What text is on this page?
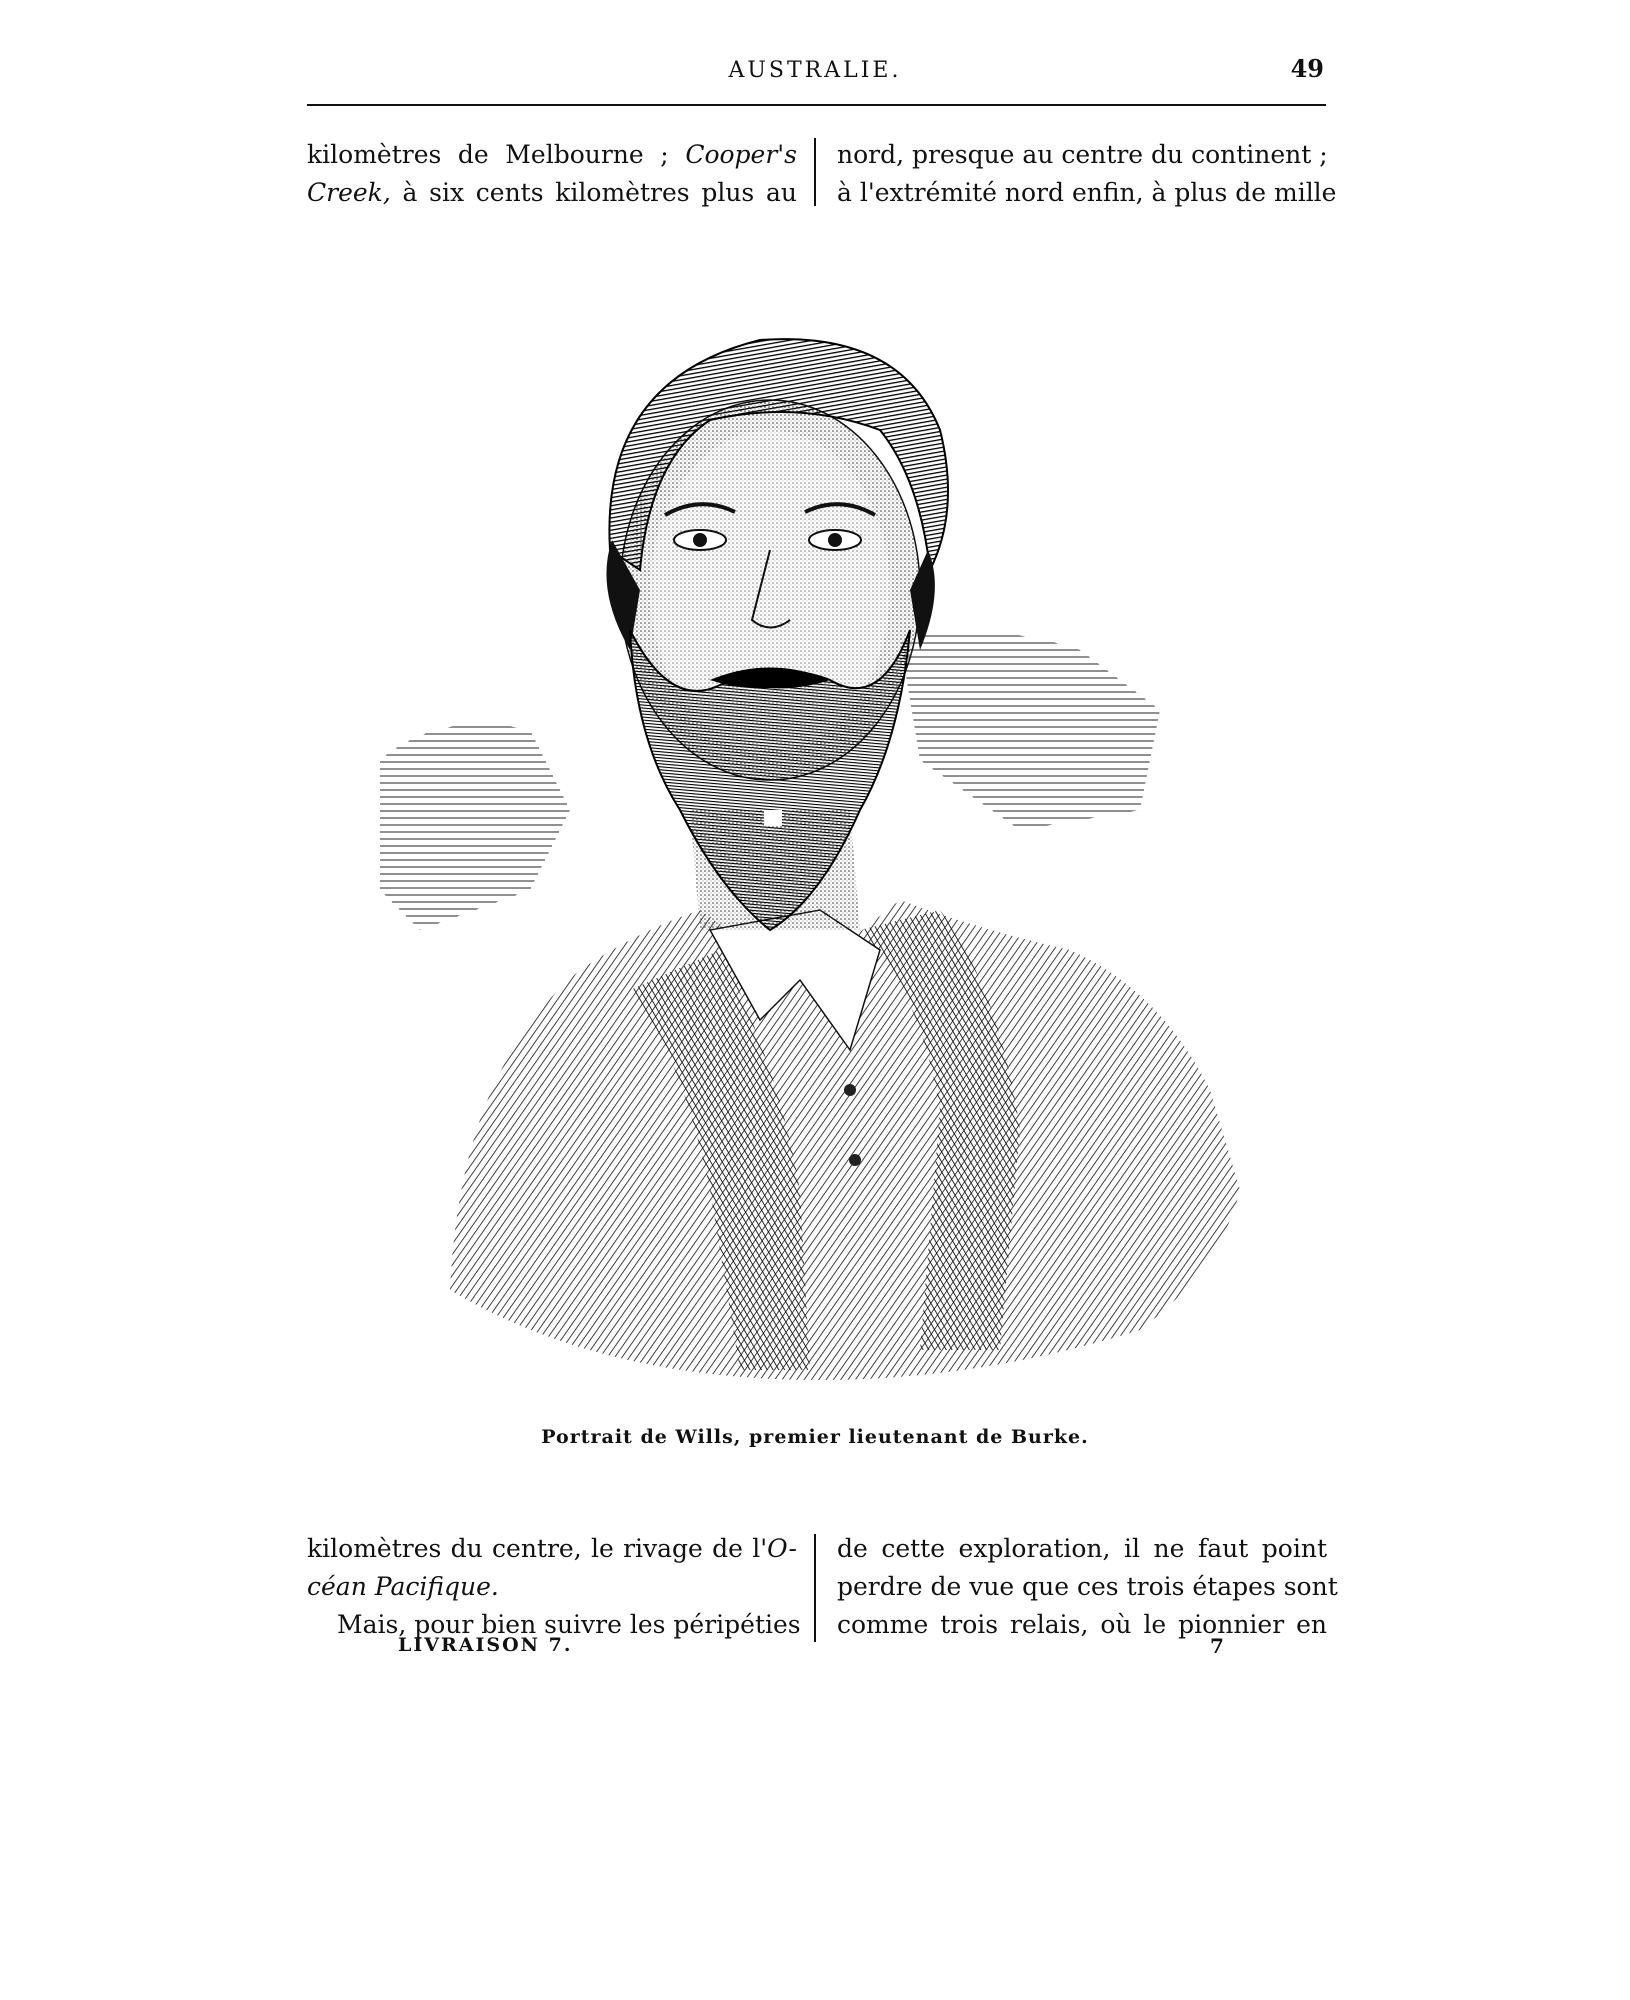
AUSTRALIE.	49
kilomètres de Melbourne ; Cooper's
Creek, à six cents kilomètres plus au
nord, presque au centre du continent ;
à l'extrémité nord enfin, à plus de mille
Portrait de Wills, premier lieutenant de Burke.
kilomètres du centre, le rivage de l'O-
céan Pacifique.
Mais, pour bien suivre les péripéties
de cette exploration, il ne faut point
perdre de vue que ces trois étapes sont
comme trois relais, où le pionnier en
LIVRAISON 7.	7
